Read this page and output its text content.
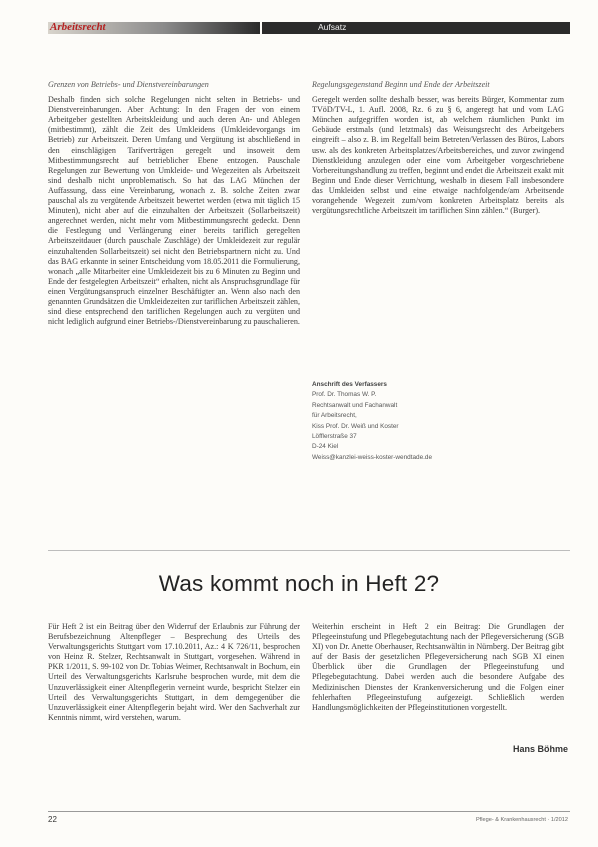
Arbeitsrecht	Aufsatz

Grenzen von Betriebs- und Dienstvereinbarungen

Deshalb finden sich solche Regelungen nicht selten in Betriebs- und Dienstvereinbarungen. Aber Achtung: In den Fragen der von einem Arbeitgeber gestellten Arbeitskleidung und auch deren An- und Ablegen (mitbestimmt), zählt die Zeit des Umkleidens (Umkleidevorgangs im Betrieb) zur Arbeitszeit. Deren Umfang und Vergütung ist abschließend in den einschlägigen Tarifverträgen geregelt und insoweit dem Mitbestimmungsrecht auf betrieblicher Ebene entzogen. Pauschale Regelungen zur Bewertung von Umkleide- und Wegezeiten als Arbeitszeit sind deshalb nicht unproblematisch. So hat das LAG München der Auffassung, dass eine Vereinbarung, wonach z. B. solche Zeiten zwar pauschal als zu vergütende Arbeitszeit bewertet werden (etwa mit täglich 15 Minuten), nicht aber auf die einzuhalten der Arbeitszeit (Sollarbeitszeit) angerechnet werden, nicht mehr vom Mitbestimmungsrecht gedeckt. Denn die Festlegung und Verlängerung einer bereits tariflich geregelten Arbeitszeitdauer (durch pauschale Zuschläge) der Umkleidezeit zur regulär einzuhaltenden Sollarbeitszeit) sei nicht den Betriebspartnern nicht zu. Und das BAG erkannte in seiner Entscheidung vom 18.05.2011 die Formulierung, wonach „alle Mitarbeiter eine Umkleidezeit bis zu 6 Minuten zu Beginn und Ende der festgelegten Arbeitszeit“ erhalten, nicht als Anspruchsgrundlage für einen Vergütungsanspruch einzelner Beschäftigter an. Wenn also nach den genannten Grundsätzen die Umkleidezeiten zur tariflichen Arbeitszeit zählen, sind diese entsprechend den tariflichen Regelungen auch zu vergüten und nicht lediglich aufgrund einer Betriebs-/Dienstvereinbarung zu pauschalieren.

Regelungsgegenstand Beginn und Ende der Arbeitszeit

Geregelt werden sollte deshalb besser, was bereits Bürger, Kommentar zum TVöD/TV-L, 1. Aufl. 2008, Rz. 6 zu § 6, angeregt hat und vom LAG München aufgegriffen worden ist, ab welchem räumlichen Punkt im Gebäude erstmals (und letztmals) das Weisungsrecht des Arbeitgebers eingreift – also z. B. im Regelfall beim Betreten/Verlassen des Büros, Labors usw. als des konkreten Arbeitsplatzes/Arbeitsbereiches, und zuvor zwingend Dienstkleidung anzulegen oder eine vom Arbeitgeber vorgeschriebene Vorbereitungshandlung zu treffen, beginnt und endet die Arbeitszeit exakt mit Beginn und Ende dieser Verrichtung, weshalb in diesem Fall insbesondere das Umkleiden selbst und eine etwaige nachfolgende/am Arbeitsende vorangehende Wegezeit zum/vom konkreten Arbeitsplatz bereits als vergütungsrechtliche Arbeitszeit im tariflichen Sinn zählen.“ (Burger).

Anschrift des Verfassers
Prof. Dr. Thomas W. P.
Rechtsanwalt und Fachanwalt
für Arbeitsrecht,
Kiss Prof. Dr. Weiß und Koster
Löfflerstraße 37
D-24 Kiel
Weiss@kanzlei-weiss-koster-wendtade.de
Was kommt noch in Heft 2?

Für Heft 2 ist ein Beitrag über den Widerruf der Erlaubnis zur Führung der Berufsbezeichnung Altenpfleger – Besprechung des Urteils des Verwaltungsgerichts Stuttgart vom 17.10.2011, Az.: 4 K 726/11, besprochen von Heinz R. Stelzer, Rechtsanwalt in Stuttgart, vorgesehen. Während in PKR 1/2011, S. 99-102 von Dr. Tobias Weimer, Rechtsanwalt in Bochum, ein Urteil des Verwaltungsgerichts Karlsruhe besprochen wurde, mit dem die Unzuverlässigkeit einer Altenpflegerin verneint wurde, bespricht Stelzer ein Urteil des Verwaltungsgerichts Stuttgart, in dem demgegenüber die Unzuverlässigkeit einer Altenpflegerin bejaht wird. Wer den Sachverhalt zur Kenntnis nimmt, wird verstehen, warum.

Weiterhin erscheint in Heft 2 ein Beitrag: Die Grundlagen der Pflegeeinstufung und Pflegebegutachtung nach der Pflegeversicherung (SGB XI) von Dr. Anette Oberhauser, Rechtsanwältin in Nürnberg. Der Beitrag gibt auf der Basis der gesetzlichen Pflegeversicherung nach SGB XI einen Überblick über die Grundlagen der Pflegeeinstufung und Pflegebegutachtung. Dabei werden auch die besondere Aufgabe des Medizinischen Dienstes der Krankenversicherung und die Folgen einer fehlerhaften Pflegeeinstufung aufgezeigt. Schließlich werden Handlungsmöglichkeiten der Pflegeinstitutionen vorgestellt.

Hans Böhme
22	Pflege- & Krankenhausrecht · 1/2012
